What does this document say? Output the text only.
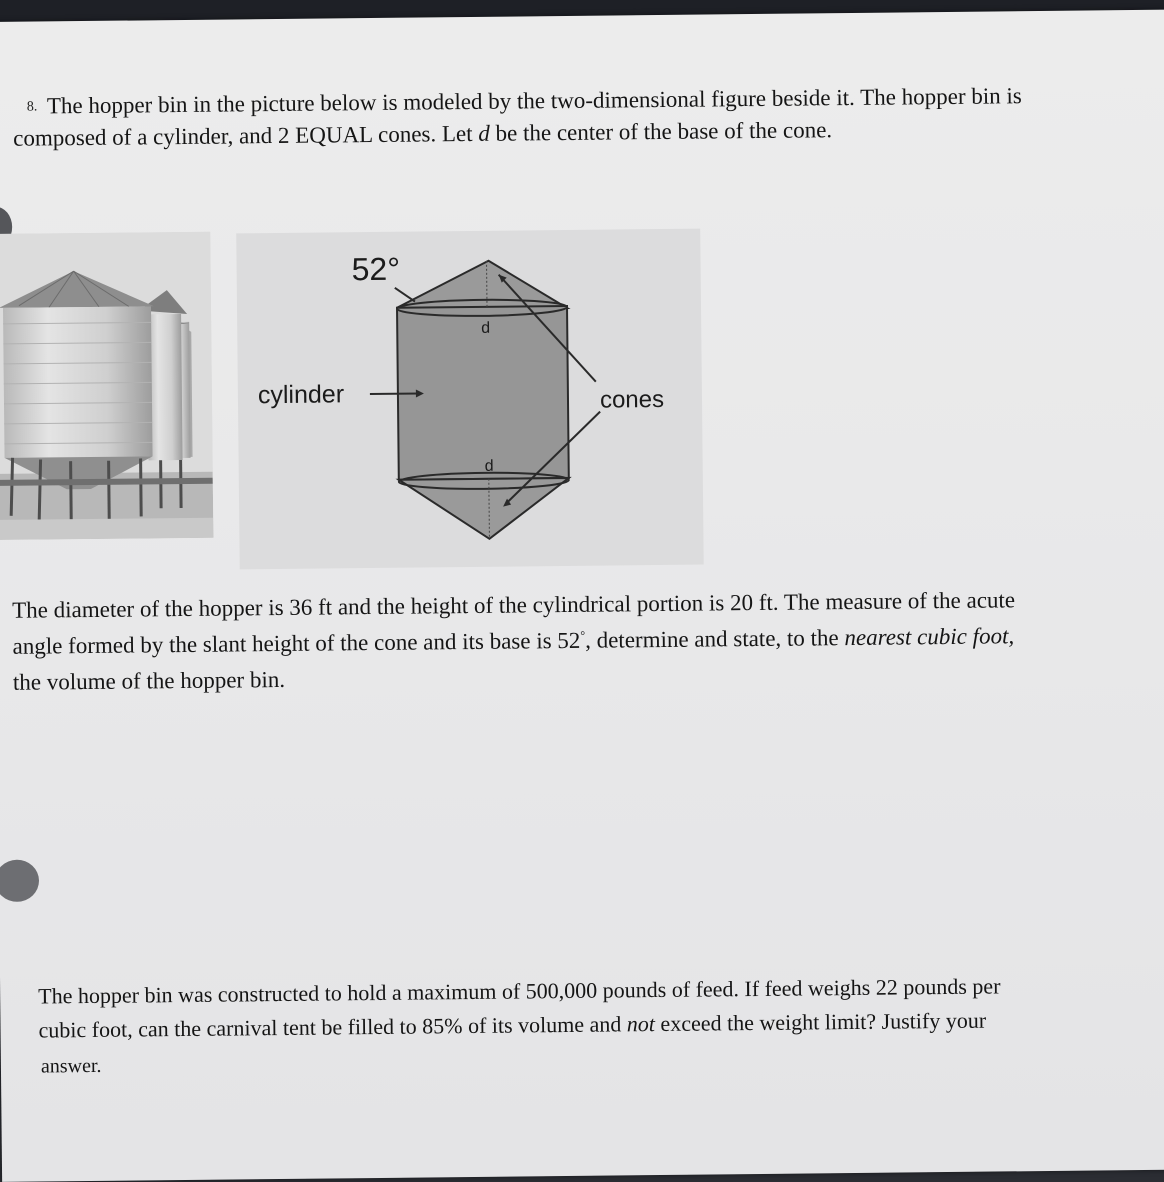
8. The hopper bin in the picture below is modeled by the two-dimensional figure beside it. The hopper bin is
composed of a cylinder, and 2 EQUAL cones. Let d be the center of the base of the cone.
52°
cylinder	cones
d
d
The diameter of the hopper is 36 ft and the height of the cylindrical portion is 20 ft. The measure of the acute
angle formed by the slant height of the cone and its base is 52°, determine and state, to the nearest cubic foot,
the volume of the hopper bin.
The hopper bin was constructed to hold a maximum of 500,000 pounds of feed. If feed weighs 22 pounds per
cubic foot, can the carnival tent be filled to 85% of its volume and not exceed the weight limit? Justify your
answer.
